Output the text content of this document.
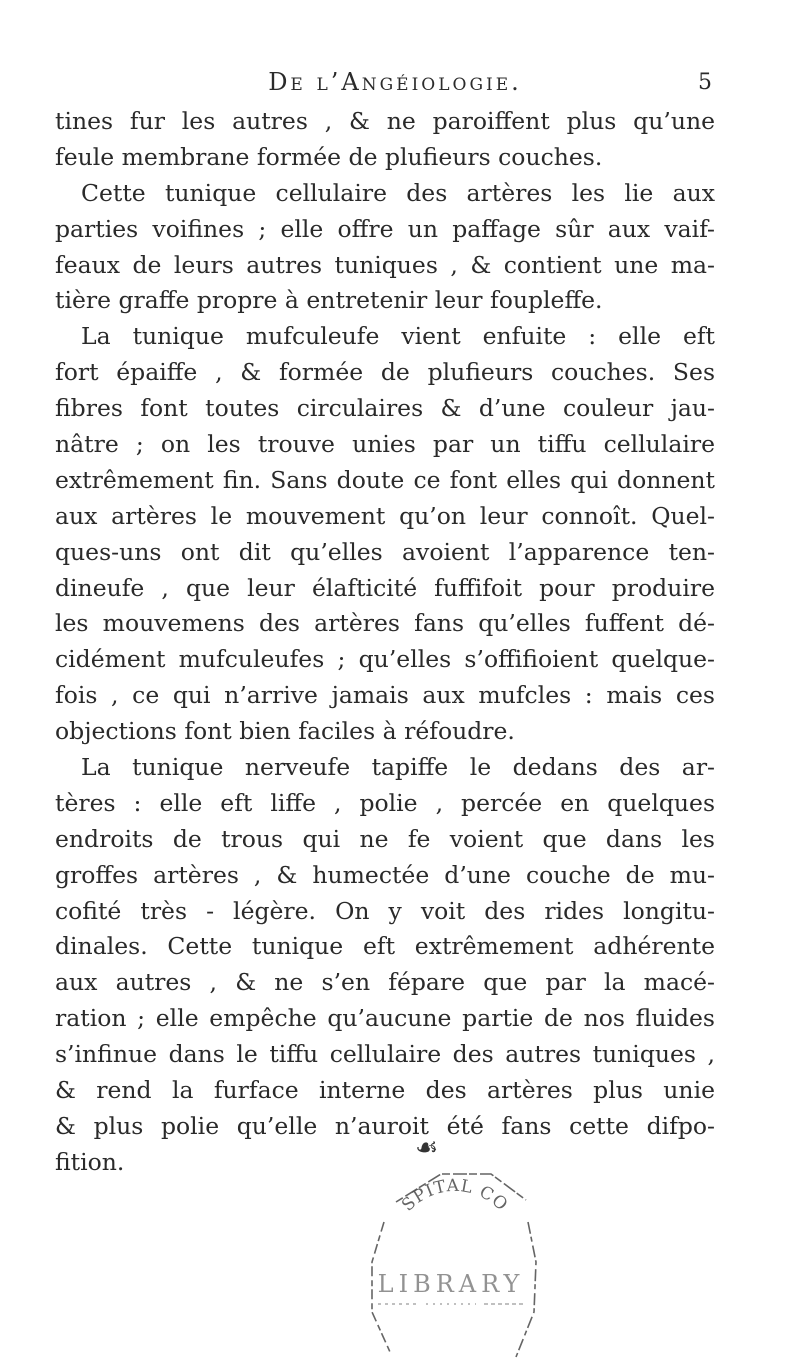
De l’Angéiologie.	5
tines fur les autres , & ne paroiffent plus qu’une
feule membrane formée de plufieurs couches.
Cette tunique cellulaire des artères les lie aux
parties voifines ; elle offre un paffage sûr aux vaif-
feaux de leurs autres tuniques , & contient une ma-
tière graffe propre à entretenir leur foupleffe.
La tunique mufculeufe vient enfuite : elle eft
fort épaiffe , & formée de plufieurs couches. Ses
fibres font toutes circulaires & d’une couleur jau-
nâtre ; on les trouve unies par un tiffu cellulaire
extrêmement fin. Sans doute ce font elles qui donnent
aux artères le mouvement qu’on leur connoît. Quel-
ques-uns ont dit qu’elles avoient l’apparence ten-
dineufe , que leur élafticité fuffifoit pour produire
les mouvemens des artères fans qu’elles fuffent dé-
cidément mufculeufes ; qu’elles s’offifioient quelque-
fois , ce qui n’arrive jamais aux mufcles : mais ces
objections font bien faciles à réfoudre.
La tunique nerveufe tapiffe le dedans des ar-
tères : elle eft liffe , polie , percée en quelques
endroits de trous qui ne fe voient que dans les
groffes artères , & humectée d’une couche de mu-
cofité très - légère. On y voit des rides longitu-
dinales. Cette tunique eft extrêmement adhérente
aux autres , & ne s’en fépare que par la macé-
ration ; elle empêche qu’aucune partie de nos fluides
s’infinue dans le tiffu cellulaire des autres tuniques ,
& rend la furface interne des artères plus unie
& plus polie qu’elle n’auroit été fans cette difpo-
fition.	☙
SPITAL CO
LIBRARY
